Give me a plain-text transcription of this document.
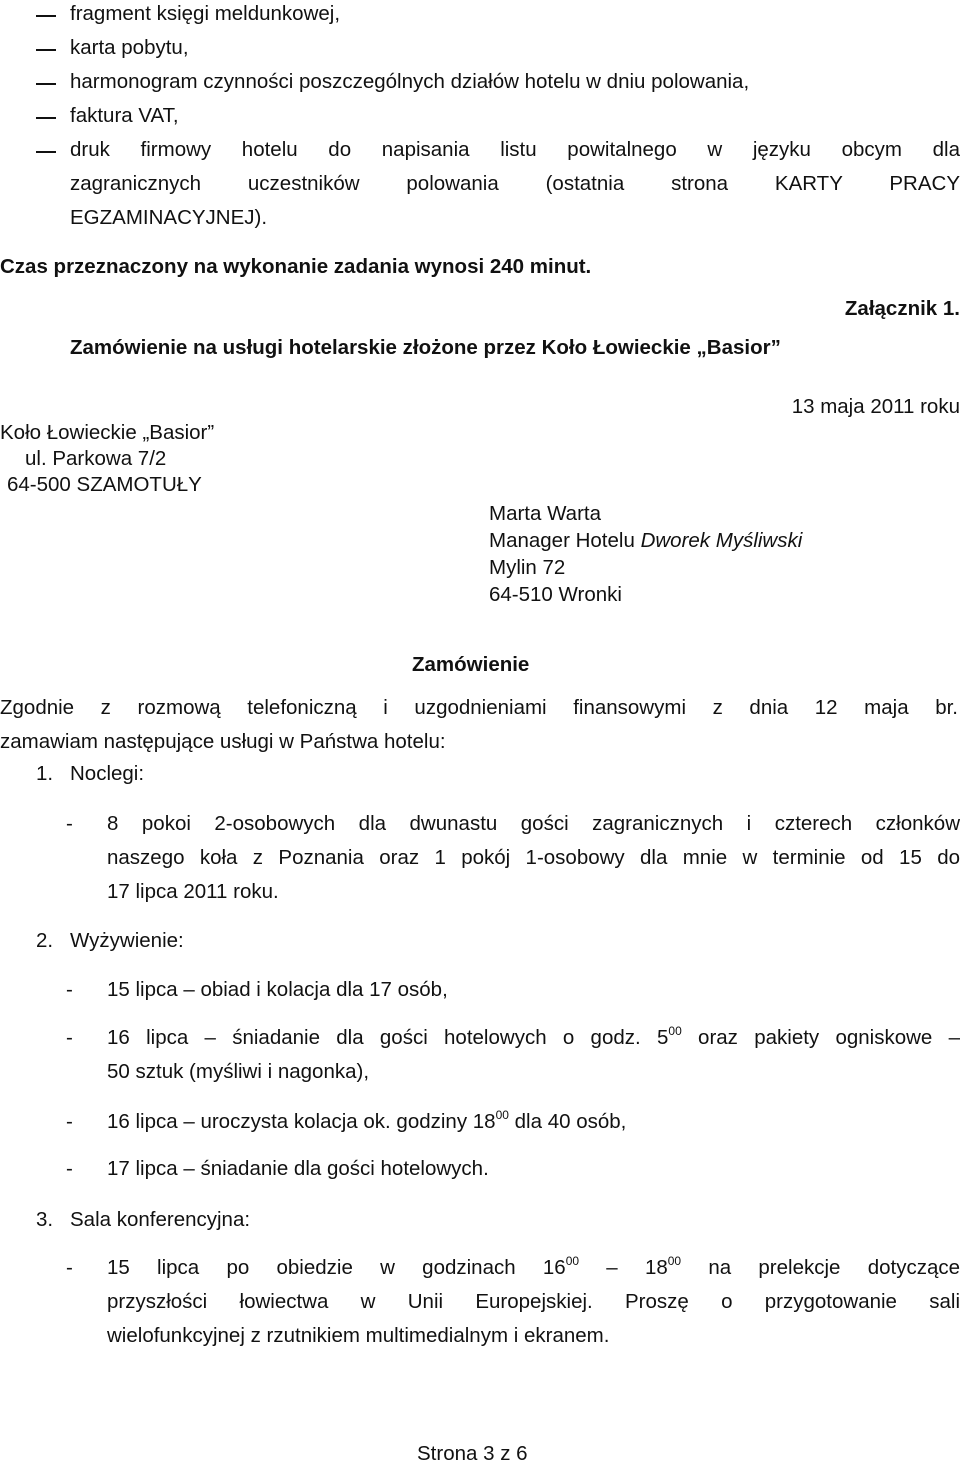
fragment księgi meldunkowej,
karta pobytu,
harmonogram czynności poszczególnych działów hotelu w dniu polowania,
faktura VAT,
druk firmowy hotelu do napisania listu powitalnego w języku obcym dla
zagranicznych uczestników polowania (ostatnia strona KARTY PRACY
EGZAMINACYJNEJ).
Czas przeznaczony na wykonanie zadania wynosi 240 minut.
Załącznik 1.
Zamówienie na usługi hotelarskie złożone przez Koło Łowieckie „Basior”
13 maja 2011 roku
Koło Łowieckie „Basior”
ul. Parkowa 7/2
64-500 SZAMOTUŁY
Marta Warta
Manager Hotelu Dworek Myśliwski
Mylin 72
64-510 Wronki
Zamówienie
Zgodnie z rozmową telefoniczną i uzgodnieniami finansowymi z dnia 12 maja br.
zamawiam następujące usługi w Państwa hotelu:
1. Noclegi:
- 8 pokoi 2-osobowych dla dwunastu gości zagranicznych i czterech członków
naszego koła z Poznania oraz 1 pokój 1-osobowy dla mnie w terminie od 15 do
17 lipca 2011 roku.
2. Wyżywienie:
- 15 lipca – obiad i kolacja dla 17 osób,
- 16 lipca – śniadanie dla gości hotelowych o godz. $5^{00}$ oraz pakiety ogniskowe –
50 sztuk (myśliwi i nagonka),
- 16 lipca – uroczysta kolacja ok. godziny $18^{00}$ dla 40 osób,
- 17 lipca – śniadanie dla gości hotelowych.
3. Sala konferencyjna:
- 15 lipca po obiedzie w godzinach $16^{00} - 18^{00}$ na prelekcje dotyczące
przyszłości łowiectwa w Unii Europejskiej. Proszę o przygotowanie sali
wielofunkcyjnej z rzutnikiem multimedialnym i ekranem.
Strona 3 z 6
